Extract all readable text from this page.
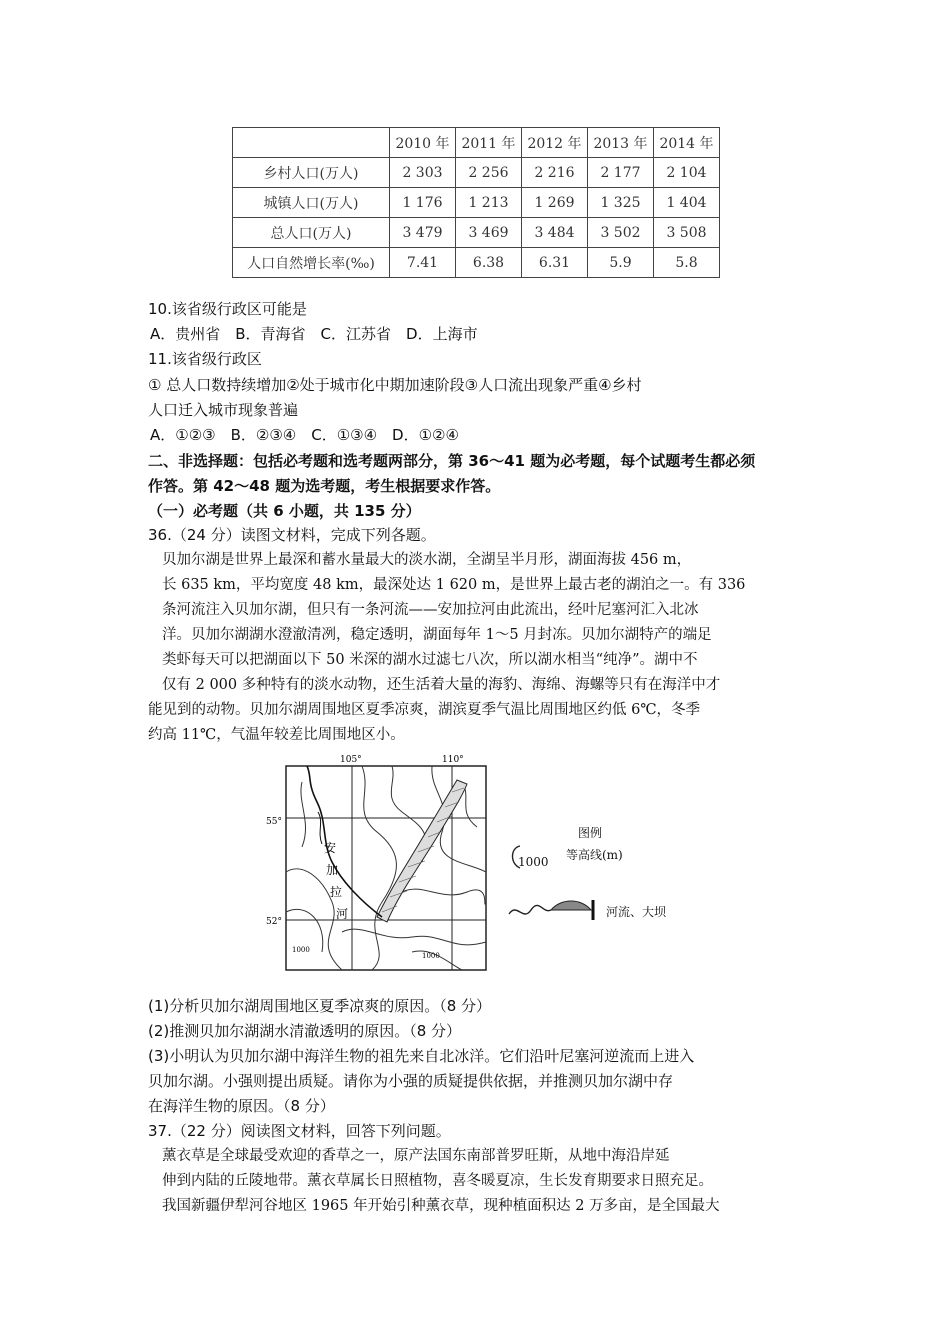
	2010 年	2011 年	2012 年	2013 年	2014 年
乡村人口(万人)	2 303	2 256	2 216	2 177	2 104
城镇人口(万人)	1 176	1 213	1 269	1 325	1 404
总人口(万人)	3 479	3 469	3 484	3 502	3 508
人口自然增长率(‰)	7.41	6.38	6.31	5.9	5.8
10.该省级行政区可能是
A．贵州省　B．青海省　C．江苏省　D．上海市
11.该省级行政区
① 总人口数持续增加②处于城市化中期加速阶段③人口流出现象严重④乡村
人口迁入城市现象普遍
A．①②③　B．②③④　C．①③④　D．①②④
二、非选择题：包括必考题和选考题两部分，第 36～41 题为必考题，每个试题考生都必须
作答。第 42～48 题为选考题，考生根据要求作答。
（一）必考题（共 6 小题，共 135 分）
36.（24 分）读图文材料，完成下列各题。
贝加尔湖是世界上最深和蓄水量最大的淡水湖，全湖呈半月形，湖面海拔 456 m，
长 635 km，平均宽度 48 km，最深处达 1 620 m，是世界上最古老的湖泊之一。有 336
条河流注入贝加尔湖，但只有一条河流——安加拉河由此流出，经叶尼塞河汇入北冰
洋。贝加尔湖湖水澄澈清冽，稳定透明，湖面每年 1～5 月封冻。贝加尔湖特产的端足
类虾每天可以把湖面以下 50 米深的湖水过滤七八次，所以湖水相当“纯净”。湖中不
仅有 2 000 多种特有的淡水动物，还生活着大量的海豹、海绵、海螺等只有在海洋中才
能见到的动物。贝加尔湖周围地区夏季凉爽，湖滨夏季气温比周围地区约低 6℃，冬季
约高 11℃，气温年较差比周围地区小。
105°	110°
55°
52°
安
加
拉
河
1000
1000
图例
1000 等高线(m)
河流、大坝
(1)分析贝加尔湖周围地区夏季凉爽的原因。（8 分）
(2)推测贝加尔湖湖水清澈透明的原因。（8 分）
(3)小明认为贝加尔湖中海洋生物的祖先来自北冰洋。它们沿叶尼塞河逆流而上进入
贝加尔湖。小强则提出质疑。请你为小强的质疑提供依据，并推测贝加尔湖中存
在海洋生物的原因。（8 分）
37.（22 分）阅读图文材料，回答下列问题。
薰衣草是全球最受欢迎的香草之一，原产法国东南部普罗旺斯，从地中海沿岸延
伸到内陆的丘陵地带。薰衣草属长日照植物，喜冬暖夏凉，生长发育期要求日照充足。
我国新疆伊犁河谷地区 1965 年开始引种薰衣草，现种植面积达 2 万多亩，是全国最大
